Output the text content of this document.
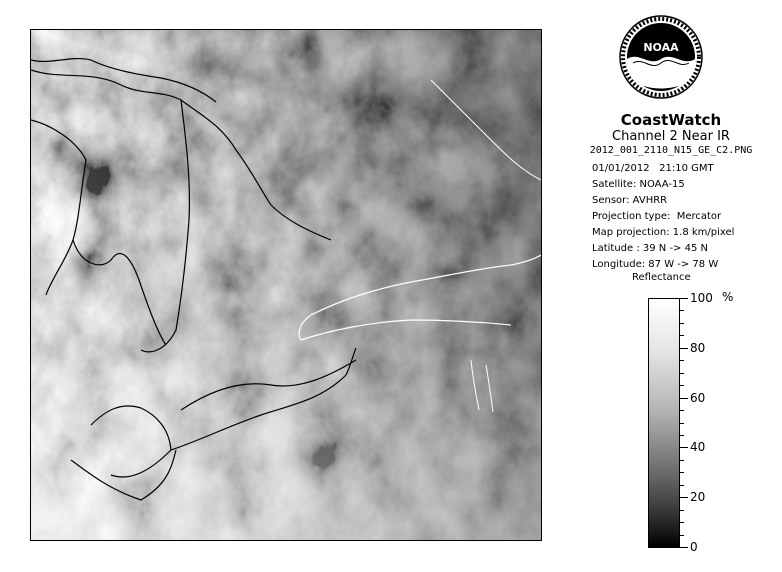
NOAA
CoastWatch
Channel 2 Near IR
2012_001_2110_N15_GE_C2.PNG
01/01/2012   21:10 GMT
Satellite: NOAA-15
Sensor: AVHRR
Projection type:  Mercator
Map projection: 1.8 km/pixel
Latitude : 39 N -> 45 N
Longitude: 87 W -> 78 W
Reflectance
%
100
80
60
40
20
0
